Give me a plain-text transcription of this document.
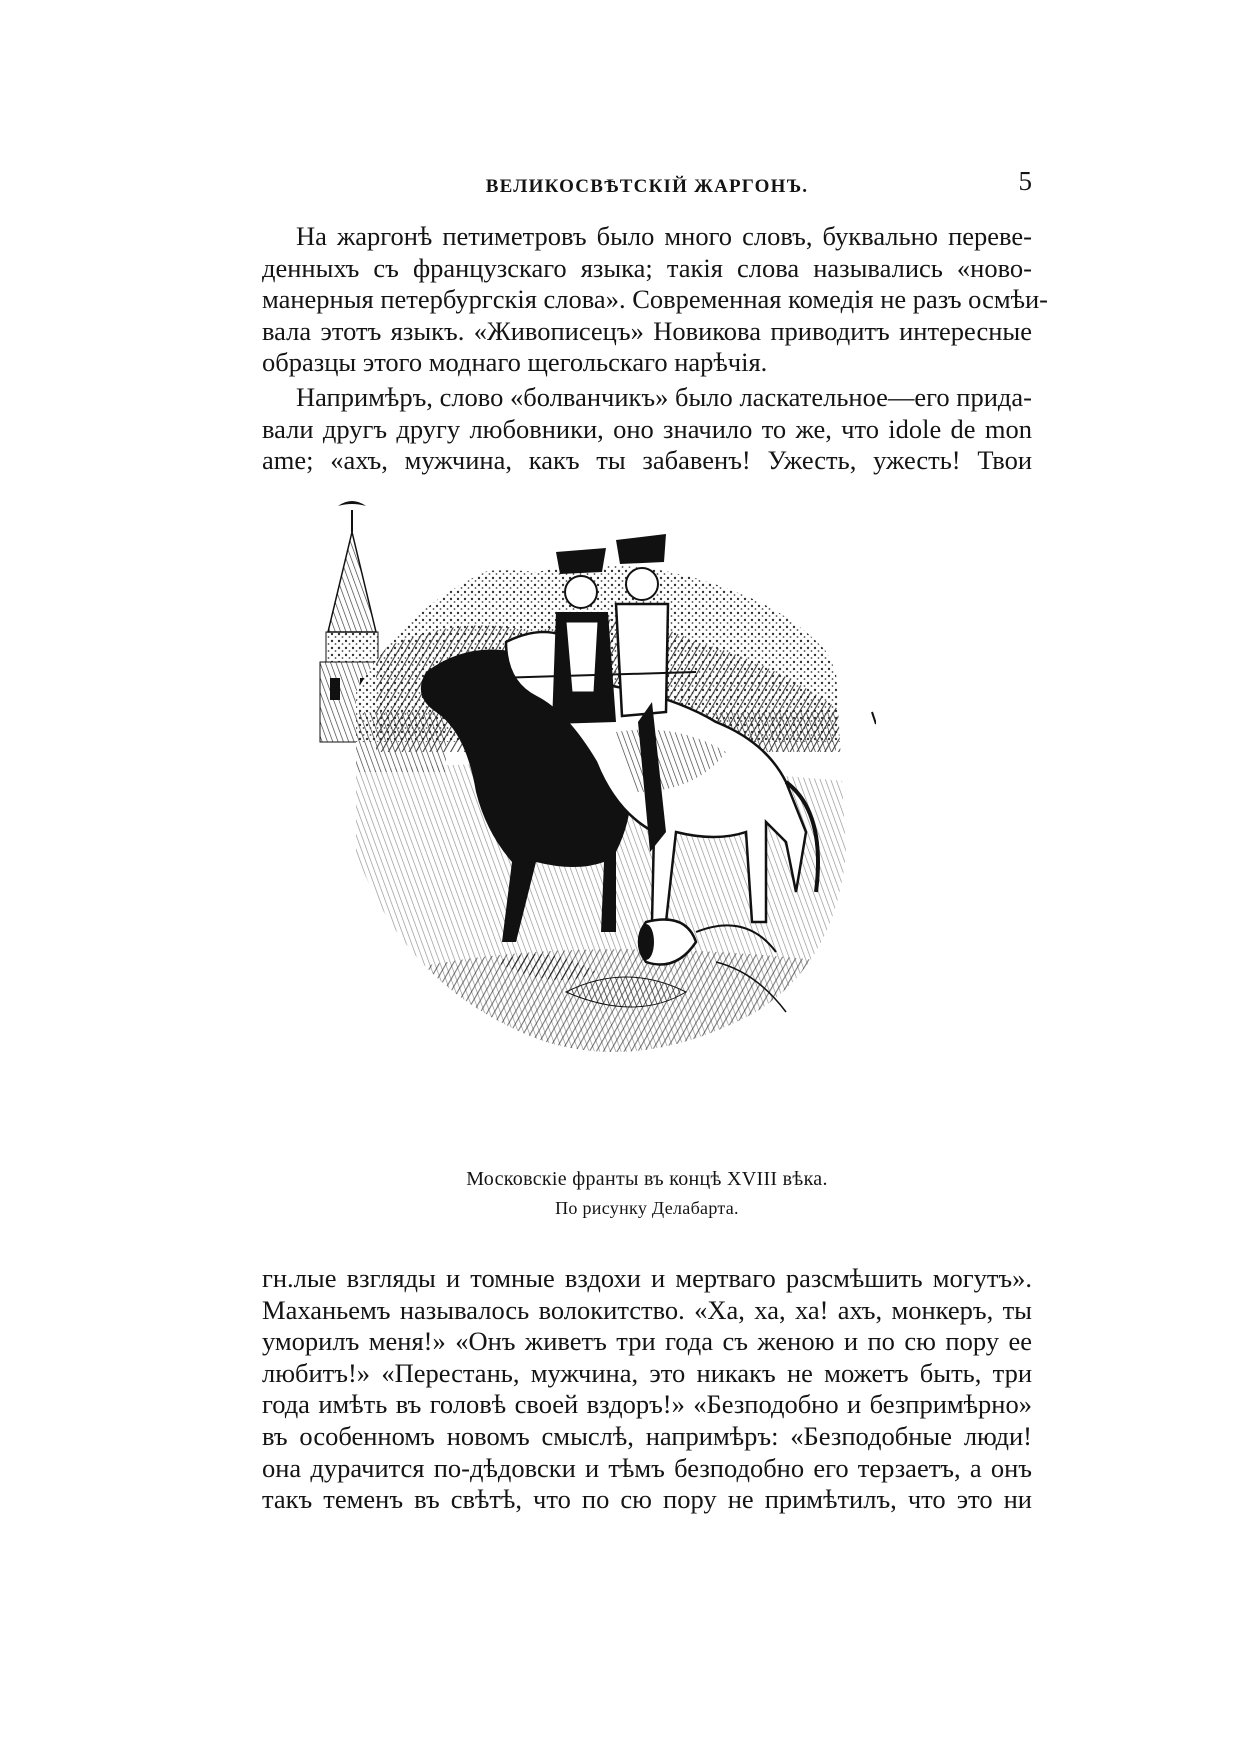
ВЕЛИКОСВѢТСКІЙ ЖАРГОНЪ.	5
На жаргонѣ петиметровъ было много словъ, буквально переве-
денныхъ съ французскаго языка; такія слова назывались «ново-
манерныя петербургскія слова». Современная комедія не разъ осмѣи-
вала этотъ языкъ. «Живописецъ» Новикова приводитъ интересные
образцы этого моднаго щегольскаго нарѣчія.
Напримѣръ, слово «болванчикъ» было ласкательное—его прида-
вали другъ другу любовники, оно значило то же, что idole de mon
ame; «ахъ, мужчина, какъ ты забавенъ! Ужесть, ужесть! Твои
Московскіе франты въ концѣ XVIII вѣка.
По рисунку Делабарта.
гн.лые взгляды и томные вздохи и мертваго разсмѣшить могутъ».
Маханьемъ называлось волокитство. «Ха, ха, ха! ахъ, монкеръ, ты
уморилъ меня!» «Онъ живетъ три года съ женою и по сю пору ее
любитъ!» «Перестань, мужчина, это никакъ не можетъ быть, три
года имѣть въ головѣ своей вздоръ!» «Безподобно и безпримѣрно»
въ особенномъ новомъ смыслѣ, напримѣръ: «Безподобные люди!
она дурачится по-дѣдовски и тѣмъ безподобно его терзаетъ, а онъ
такъ теменъ въ свѣтѣ, что по сю пору не примѣтилъ, что это ни
